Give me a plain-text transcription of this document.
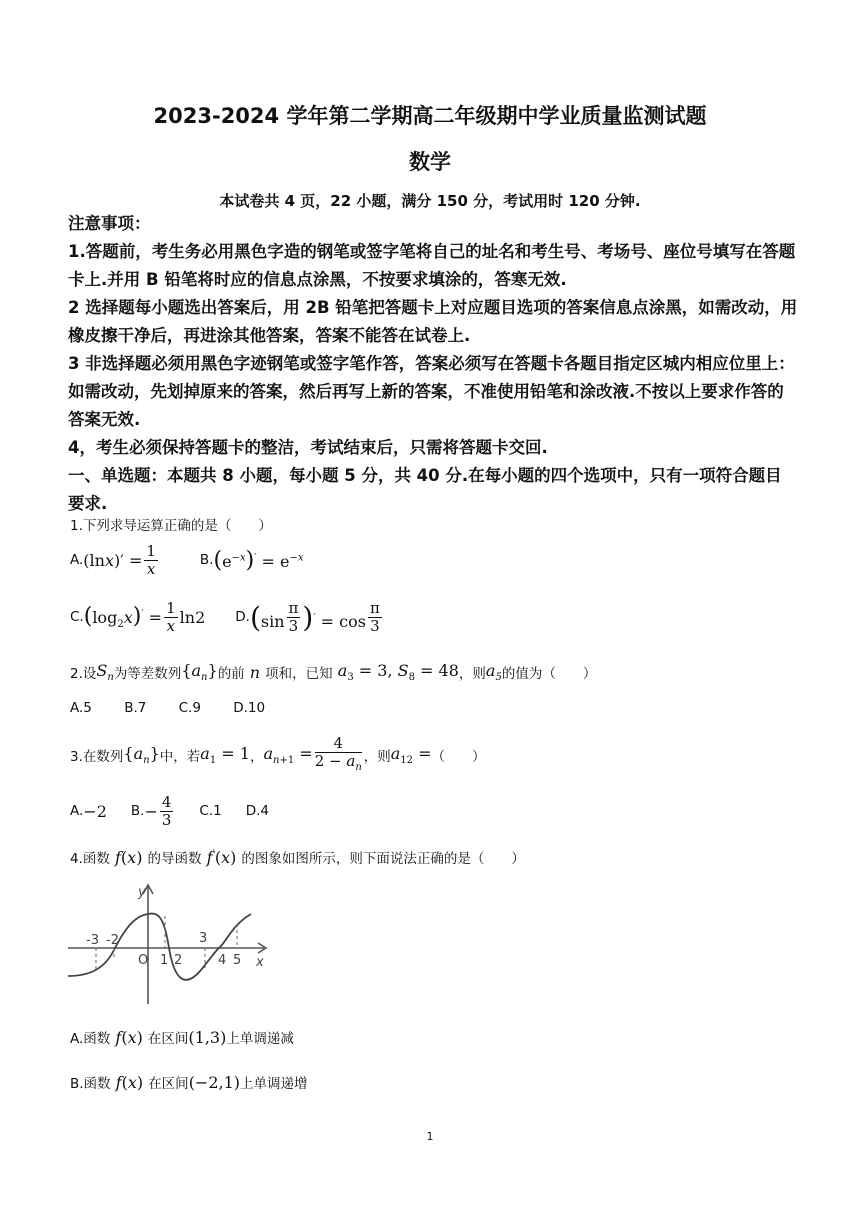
2023-2024 学年第二学期高二年级期中学业质量监测试题
数学
本试卷共 4 页，22 小题，满分 150 分，考试用时 120 分钟.
注意事项：
1.答题前，考生务必用黑色字造的钢笔或签字笔将自己的址名和考生号、考场号、座位号填写在答题卡上.并用 B 铅笔将时应的信息点涂黑，不按要求填涂的，答寒无效.
2 选择题每小题选出答案后，用 2B 铅笔把答题卡上对应题目选项的答案信息点涂黑，如需改动，用橡皮擦干净后，再进涂其他答案，答案不能答在试卷上.
3 非选择题必须用黑色字迹钢笔或签字笔作答，答案必须写在答题卡各题目指定区城内相应位里上：如需改动，先划掉原来的答案，然后再写上新的答案，不准使用铅笔和涂改液.不按以上要求作答的答案无效.
4，考生必须保持答题卡的整洁，考试结束后，只需将答题卡交回.
一、单选题：本题共 8 小题，每小题 5 分，共 40 分.在每小题的四个选项中，只有一项符合题目要求.
1.下列求导运算正确的是（　　）
A. $(\ln x)' = \frac{1}{x}$	B. $(e^{-x})' = e^{-x}$
C. $(\log_2x)' = \frac{1}{x} \ln 2$ D. $(\sin \frac{\pi}{3} )' = \cos \frac{\pi}{3}$
2.设 $S_n$ 为等差数列 $\{a_n\}$ 的前 n 项和，已知 $a_3 = 3$, $S_8 = 48$ ，则 $a_5$ 的值为（　　）
A.5 B.7 C.9 D.10
3.在数列 $\{a_n\}$ 中，若 $a_1 = 1$ ， $a_{n+1} = \frac{4}{2 - a_n}$ ，则 $a_{12}$ = （　　）
A. −2 B. − $\frac{4}{3} C.1$ D.4
4.函数 f (x) 的导函数 f ′(x) 的图象如图所示，则下面说法正确的是（　　）
y
x
O
-3 -2
1 2
3
4 5
A.函数 f (x) 在区间 (1,3) 上单调递减
B.函数 f (x) 在区间 (−2,1) 上单调递增
1
